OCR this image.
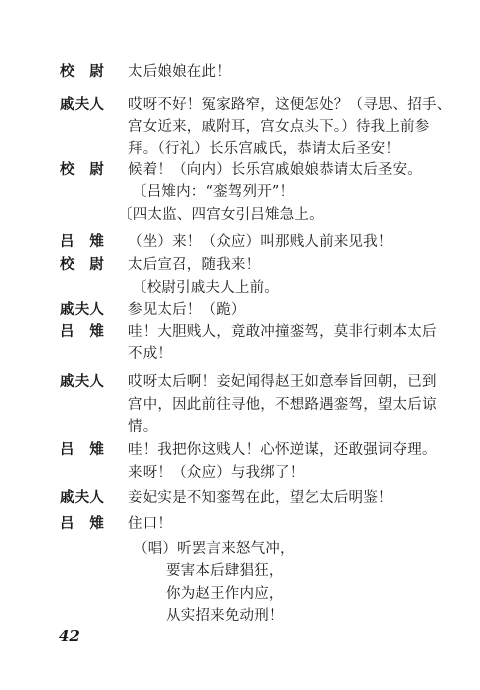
校　尉	太后娘娘在此！
戚夫人	哎呀不好！冤家路窄，这便怎处？（寻思、招手、
宫女近来，戚附耳，宫女点头下。）待我上前参
拜。（行礼）长乐宫戚氏，恭请太后圣安！
校　尉	候着！（向内）长乐宫戚娘娘恭请太后圣安。
〔吕雉内：“銮驾列开”！
〔四太监、四宫女引吕雉急上。
吕　雉	（坐）来！（众应）叫那贱人前来见我！
校　尉	太后宣召，随我来！
〔校尉引戚夫人上前。
戚夫人	参见太后！（跪）
吕　雉	哇！大胆贱人，竟敢冲撞銮驾，莫非行刺本太后
不成！
戚夫人	哎呀太后啊！妾妃闻得赵王如意奉旨回朝，已到
宫中，因此前往寻他，不想路遇銮驾，望太后谅
情。
吕　雉	哇！我把你这贱人！心怀逆谋，还敢强词夺理。
来呀！（众应）与我绑了！
戚夫人	妾妃实是不知銮驾在此，望乞太后明鉴！
吕　雉	住口！
（唱）听罢言来怒气冲，
要害本后肆猖狂，
你为赵王作内应，
从实招来免动刑！
42
